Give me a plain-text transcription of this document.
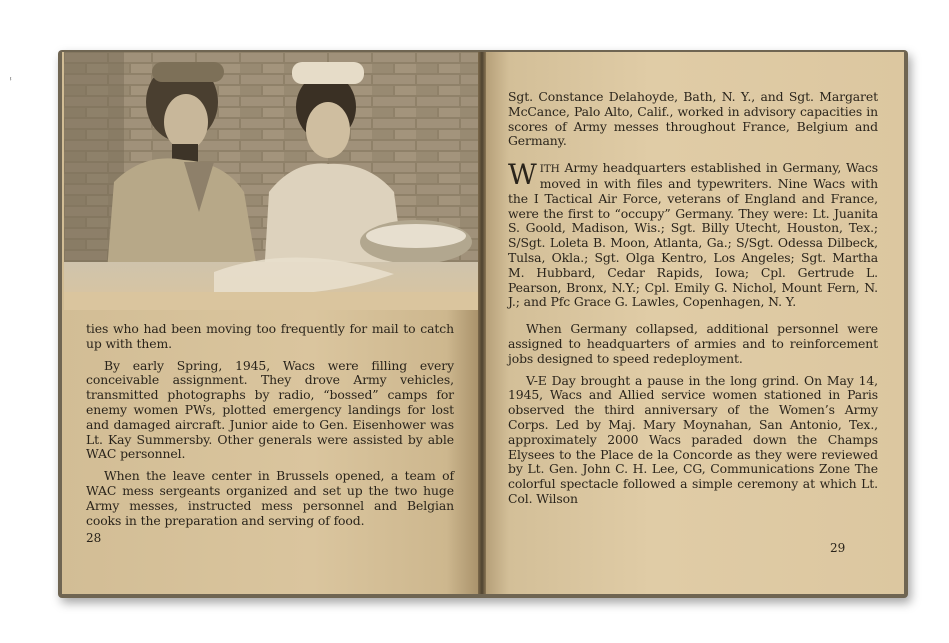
ⸯ

ties who had been moving too frequently for mail to catch up with them.

By early Spring, 1945, Wacs were filling every conceivable assignment. They drove Army vehicles, transmitted photographs by radio, “bossed” camps for enemy women PWs, plotted emergency landings for lost and damaged aircraft. Junior aide to Gen. Eisenhower was Lt. Kay Summersby. Other generals were assisted by able WAC personnel.

When the leave center in Brussels opened, a team of WAC mess sergeants organized and set up the two huge Army messes, instructed mess personnel and Belgian cooks in the preparation and serving of food.

28

Sgt. Constance Delahoyde, Bath, N. Y., and Sgt. Margaret McCance, Palo Alto, Calif., worked in advisory capacities in scores of Army messes throughout France, Belgium and Germany.

WITH Army headquarters established in Germany, Wacs moved in with files and typewriters. Nine Wacs with the I Tactical Air Force, veterans of England and France, were the first to “occupy” Germany. They were: Lt. Juanita S. Goold, Madison, Wis.; Sgt. Billy Utecht, Houston, Tex.; S/Sgt. Loleta B. Moon, Atlanta, Ga.; S/Sgt. Odessa Dilbeck, Tulsa, Okla.; Sgt. Olga Kentro, Los Angeles; Sgt. Martha M. Hubbard, Cedar Rapids, Iowa; Cpl. Gertrude L. Pearson, Bronx, N.Y.; Cpl. Emily G. Nichol, Mount Fern, N. J.; and Pfc Grace G. Lawles, Copenhagen, N. Y.

When Germany collapsed, additional personnel were assigned to headquarters of armies and to reinforcement jobs designed to speed redeployment.

V-E Day brought a pause in the long grind. On May 14, 1945, Wacs and Allied service women stationed in Paris observed the third anniversary of the Women’s Army Corps. Led by Maj. Mary Moynahan, San Antonio, Tex., approximately 2000 Wacs paraded down the Champs Elysees to the Place de la Concorde as they were reviewed by Lt. Gen. John C. H. Lee, CG, Communications Zone The colorful spectacle followed a simple ceremony at which Lt. Col. Wilson

29
